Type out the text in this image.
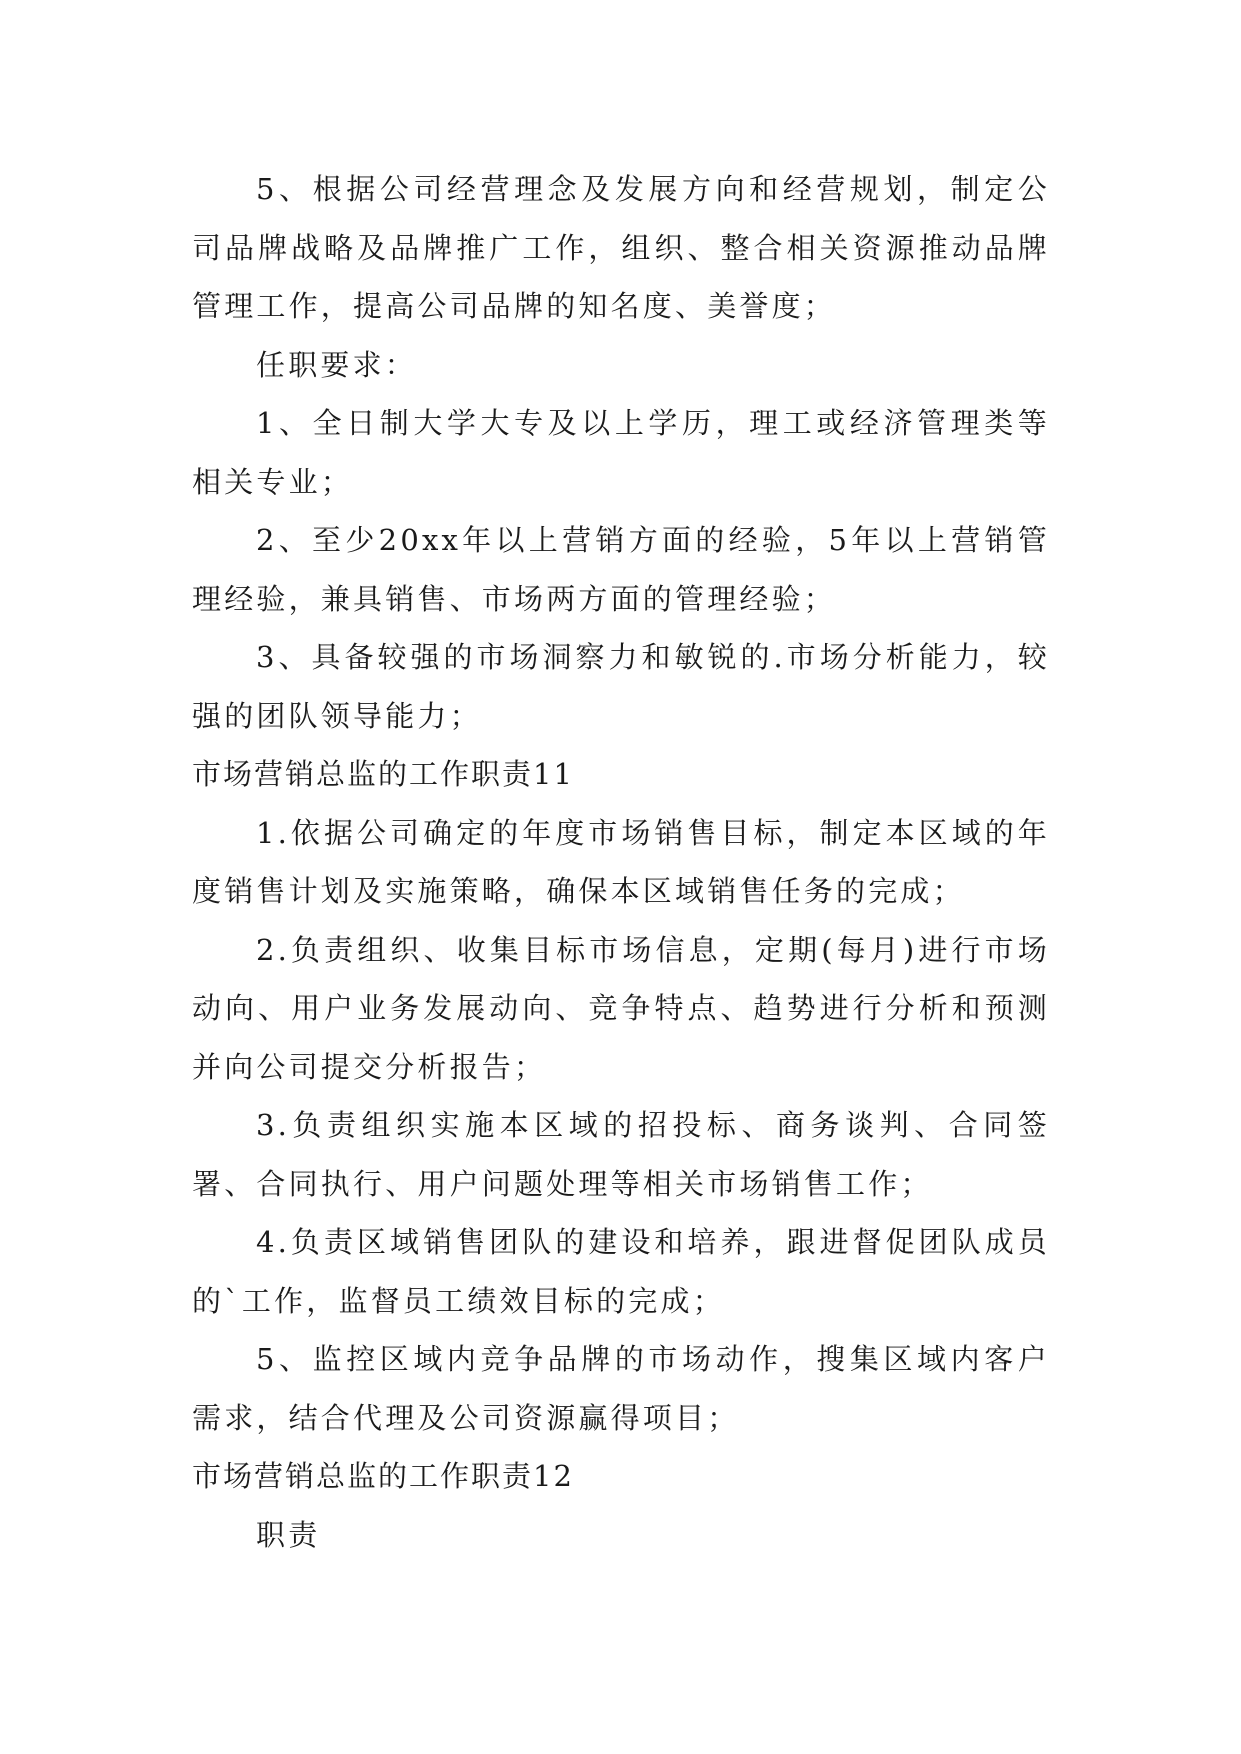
5、根据公司经营理念及发展方向和经营规划，制定公司品牌战略及品牌推广工作，组织、整合相关资源推动品牌管理工作，提高公司品牌的知名度、美誉度；

任职要求：

1、全日制大学大专及以上学历，理工或经济管理类等相关专业；

2、至少20xx年以上营销方面的经验，5年以上营销管理经验，兼具销售、市场两方面的管理经验；

3、具备较强的市场洞察力和敏锐的.市场分析能力，较强的团队领导能力；

市场营销总监的工作职责11

1.依据公司确定的年度市场销售目标，制定本区域的年度销售计划及实施策略，确保本区域销售任务的完成；

2.负责组织、收集目标市场信息，定期(每月)进行市场动向、用户业务发展动向、竞争特点、趋势进行分析和预测并向公司提交分析报告；

3.负责组织实施本区域的招投标、商务谈判、合同签署、合同执行、用户问题处理等相关市场销售工作；

4.负责区域销售团队的建设和培养，跟进督促团队成员的`工作，监督员工绩效目标的完成；

5、监控区域内竞争品牌的市场动作，搜集区域内客户需求，结合代理及公司资源赢得项目；

市场营销总监的工作职责12

职责
